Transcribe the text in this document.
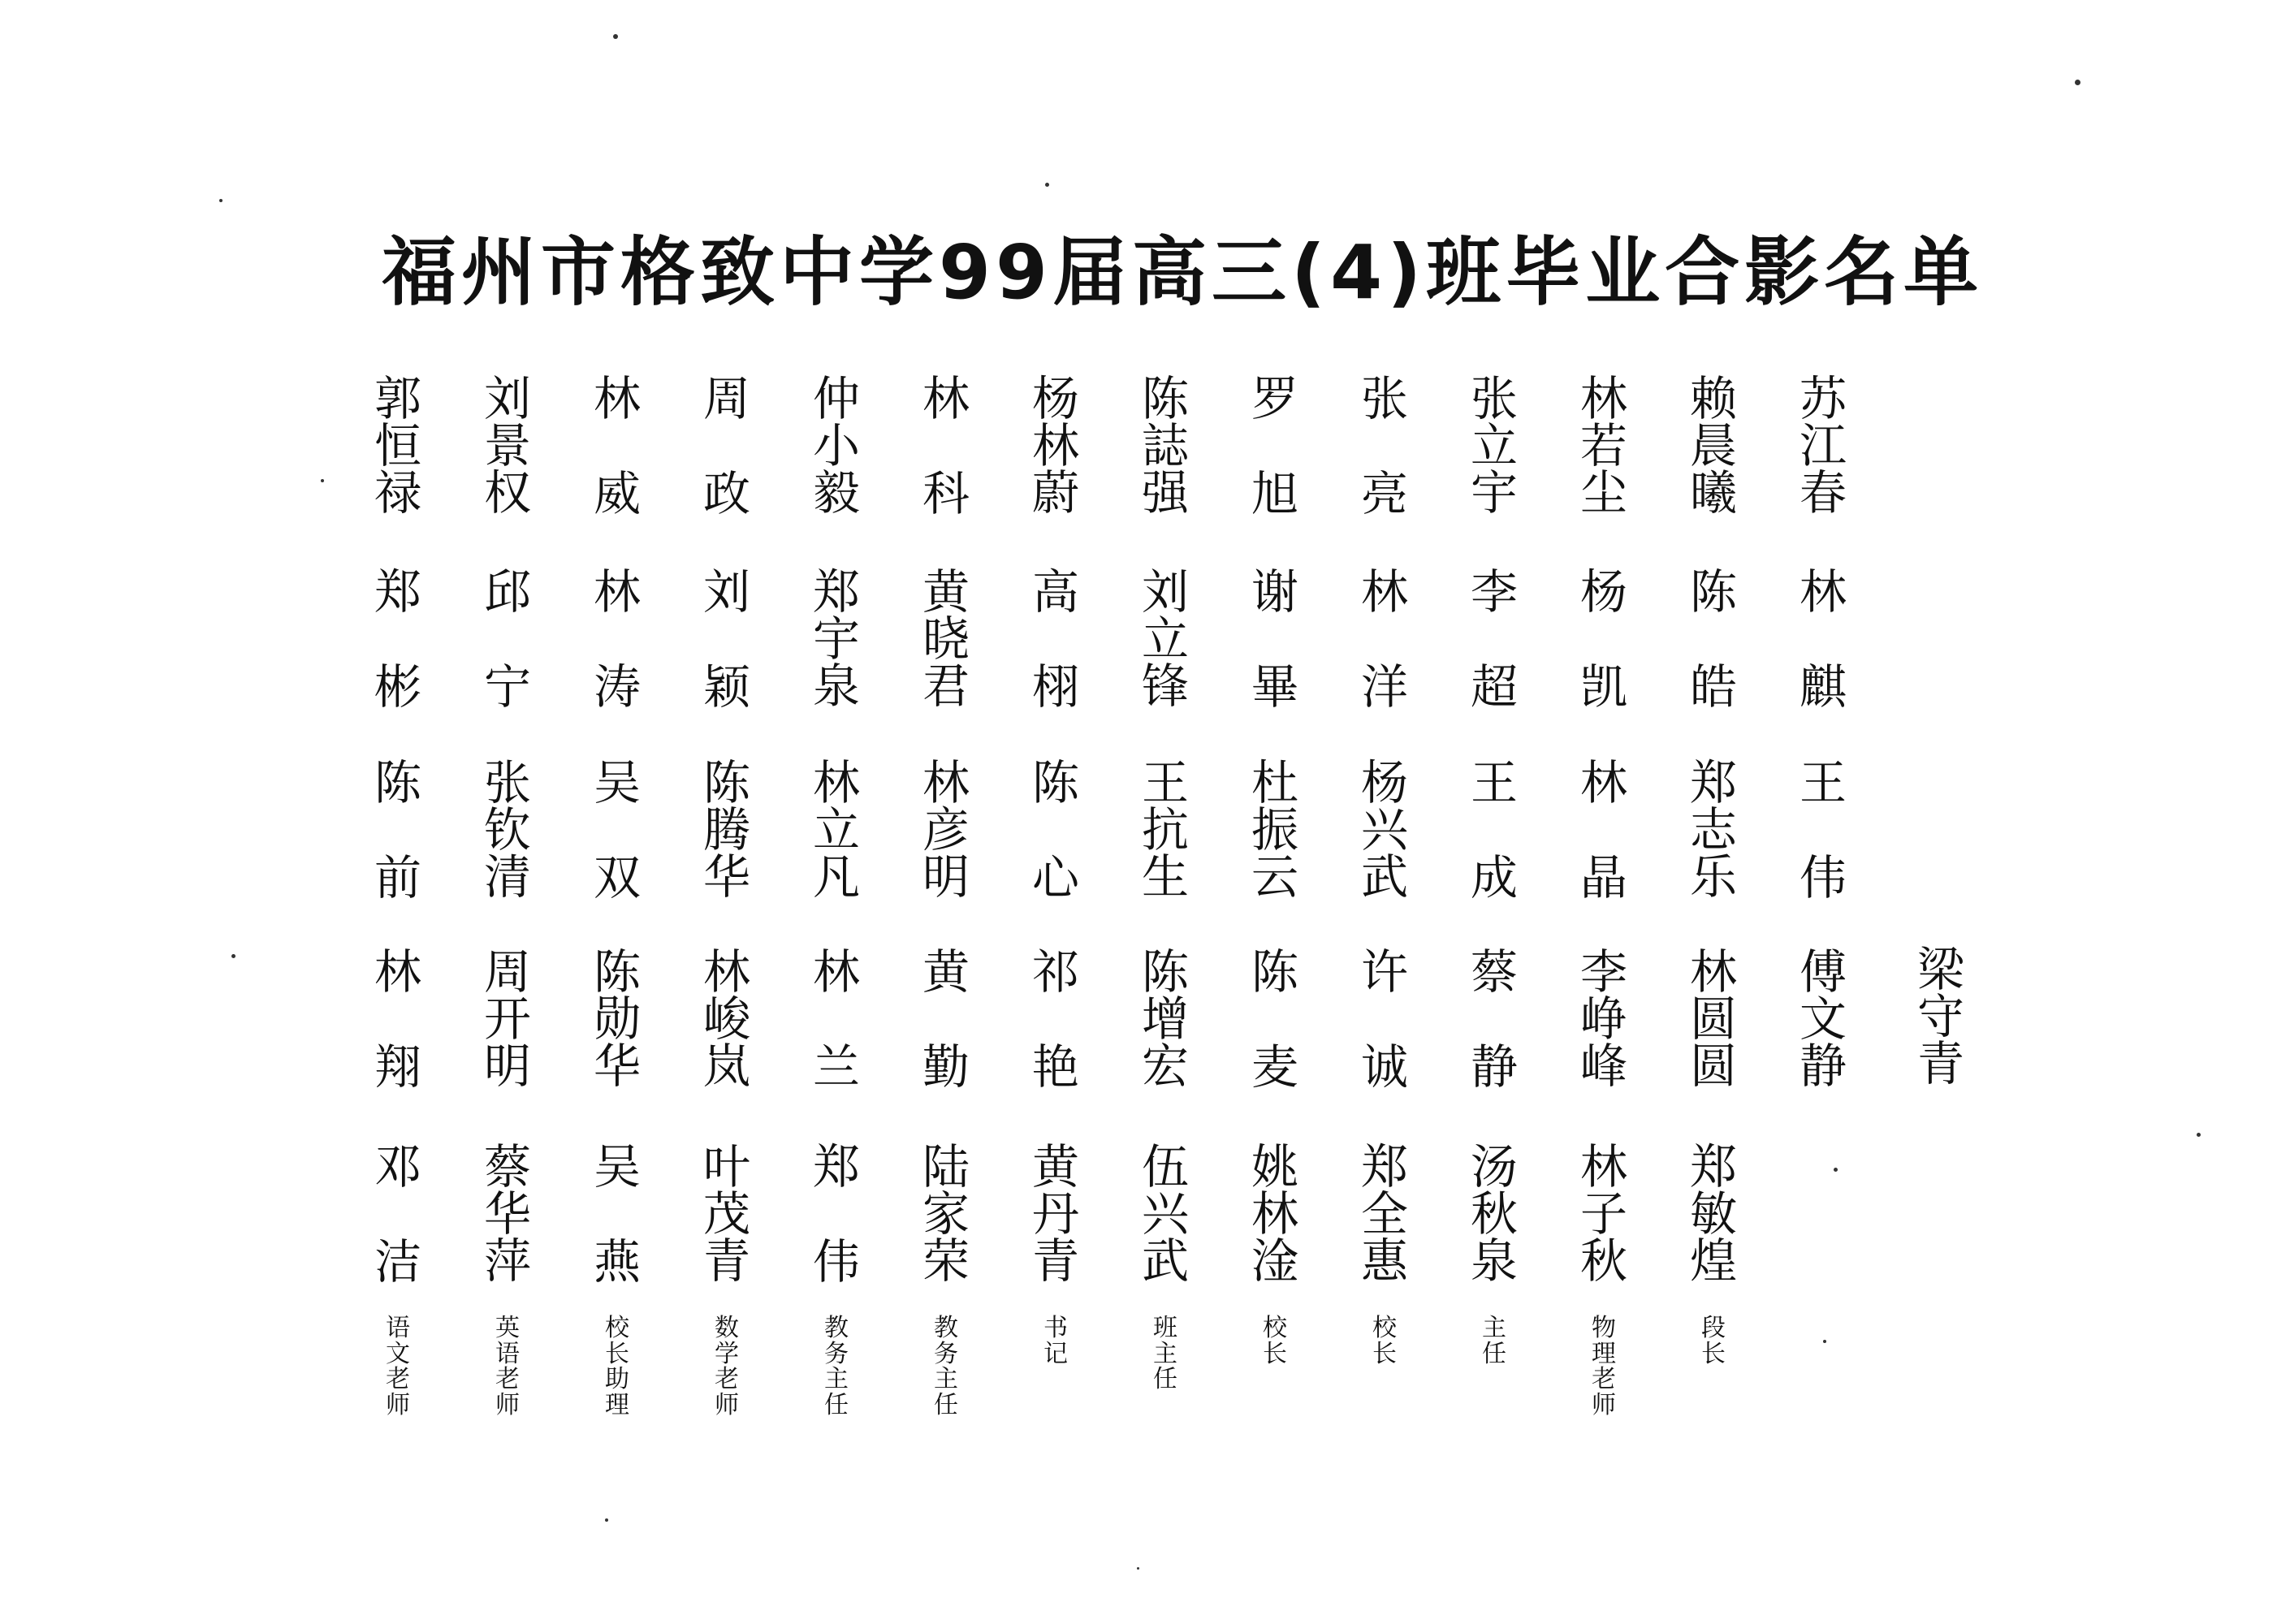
福州市格致中学99届高三(4)班毕业合影名单
郭
恒
禄
郑
彬
陈
前
林
翔
邓
洁
语
文
老
师
刘
景
权
邱
宁
张
钦
清
周
开
明
蔡
华
萍
英
语
老
师
林
威
林
涛
吴
双
陈
勋
华
吴
燕
校
长
助
理
周
政
刘
颖
陈
腾
华
林
峻
岚
叶
茂
青
数
学
老
师
仲
小
毅
郑
宇
泉
林
立
凡
林
兰
郑
伟
教
务
主
任
林
科
黄
晓
君
林
彦
明
黄
勤
陆
家
荣
教
务
主
任
杨
林
蔚
高
栩
陈
心
祁
艳
黄
丹
青
书
记
陈
誌
强
刘
立
锋
王
抗
生
陈
增
宏
伍
兴
武
班
主
任
罗
旭
谢
畢
杜
振
云
陈
麦
姚
林
淦
校
长
张
亮
林
洋
杨
兴
武
许
诚
郑
全
惠
校
长
张
立
宇
李
超
王
成
蔡
静
汤
秋
泉
主
任
林
若
尘
杨
凯
林
晶
李
峥
峰
林
子
秋
物
理
老
师
赖
晨
曦
陈
皓
郑
志
乐
林
圆
圆
郑
敏
煌
段
长
苏
江
春
林
麒
王
伟
傅
文
静
梁
守
青
